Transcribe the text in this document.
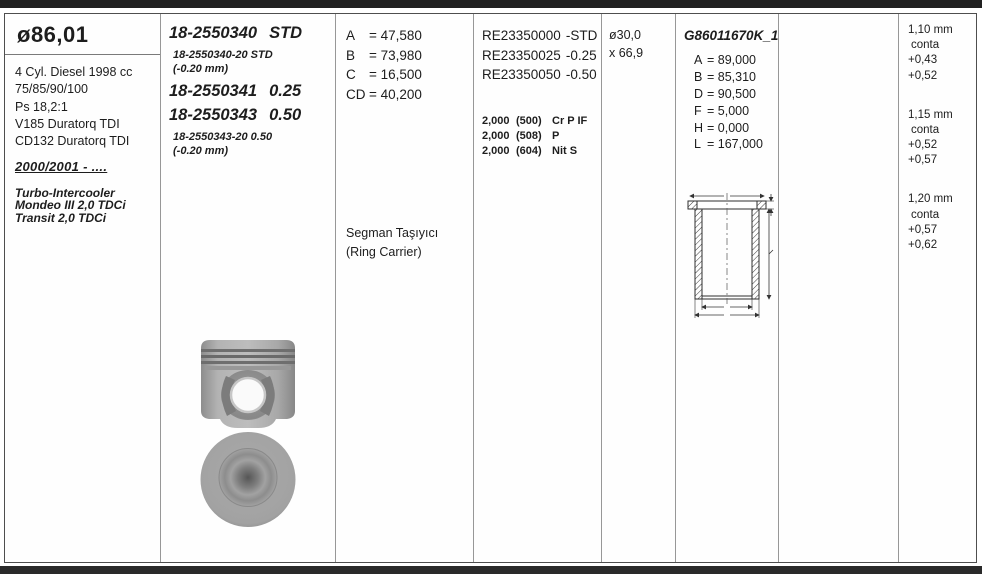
ø86,01
4 Cyl. Diesel 1998 cc
75/85/90/100
Ps 18,2:1
V185 Duratorq TDI
CD132 Duratorq TDI
2000/2001 - ....
Turbo-Intercooler
Mondeo III 2,0 TDCi
Transit 2,0 TDCi
18-2550340 STD
18-2550340-20 STD
(-0.20 mm)
18-2550341 0.25
18-2550343 0.50
18-2550343-20 0.50
(-0.20 mm)
A	= 47,580
B	= 73,980
C = 16,500
CD = 40,200
Segman Taşıyıcı
(Ring Carrier)
RE23350000 -STD
RE23350025 -0.25
RE23350050 -0.50
2,000 (500) Cr P IF
2,000 (508) P
2,000 (604) Nit S
ø30,0
x 66,9
G86011670K_1
A = 89,000
B = 85,310
D = 90,500
F = 5,000
H = 0,000
L = 167,000
1,10 mm
conta
+0,43
+0,52
1,15 mm
conta
+0,52
+0,57
1,20 mm
conta
+0,57
+0,62
